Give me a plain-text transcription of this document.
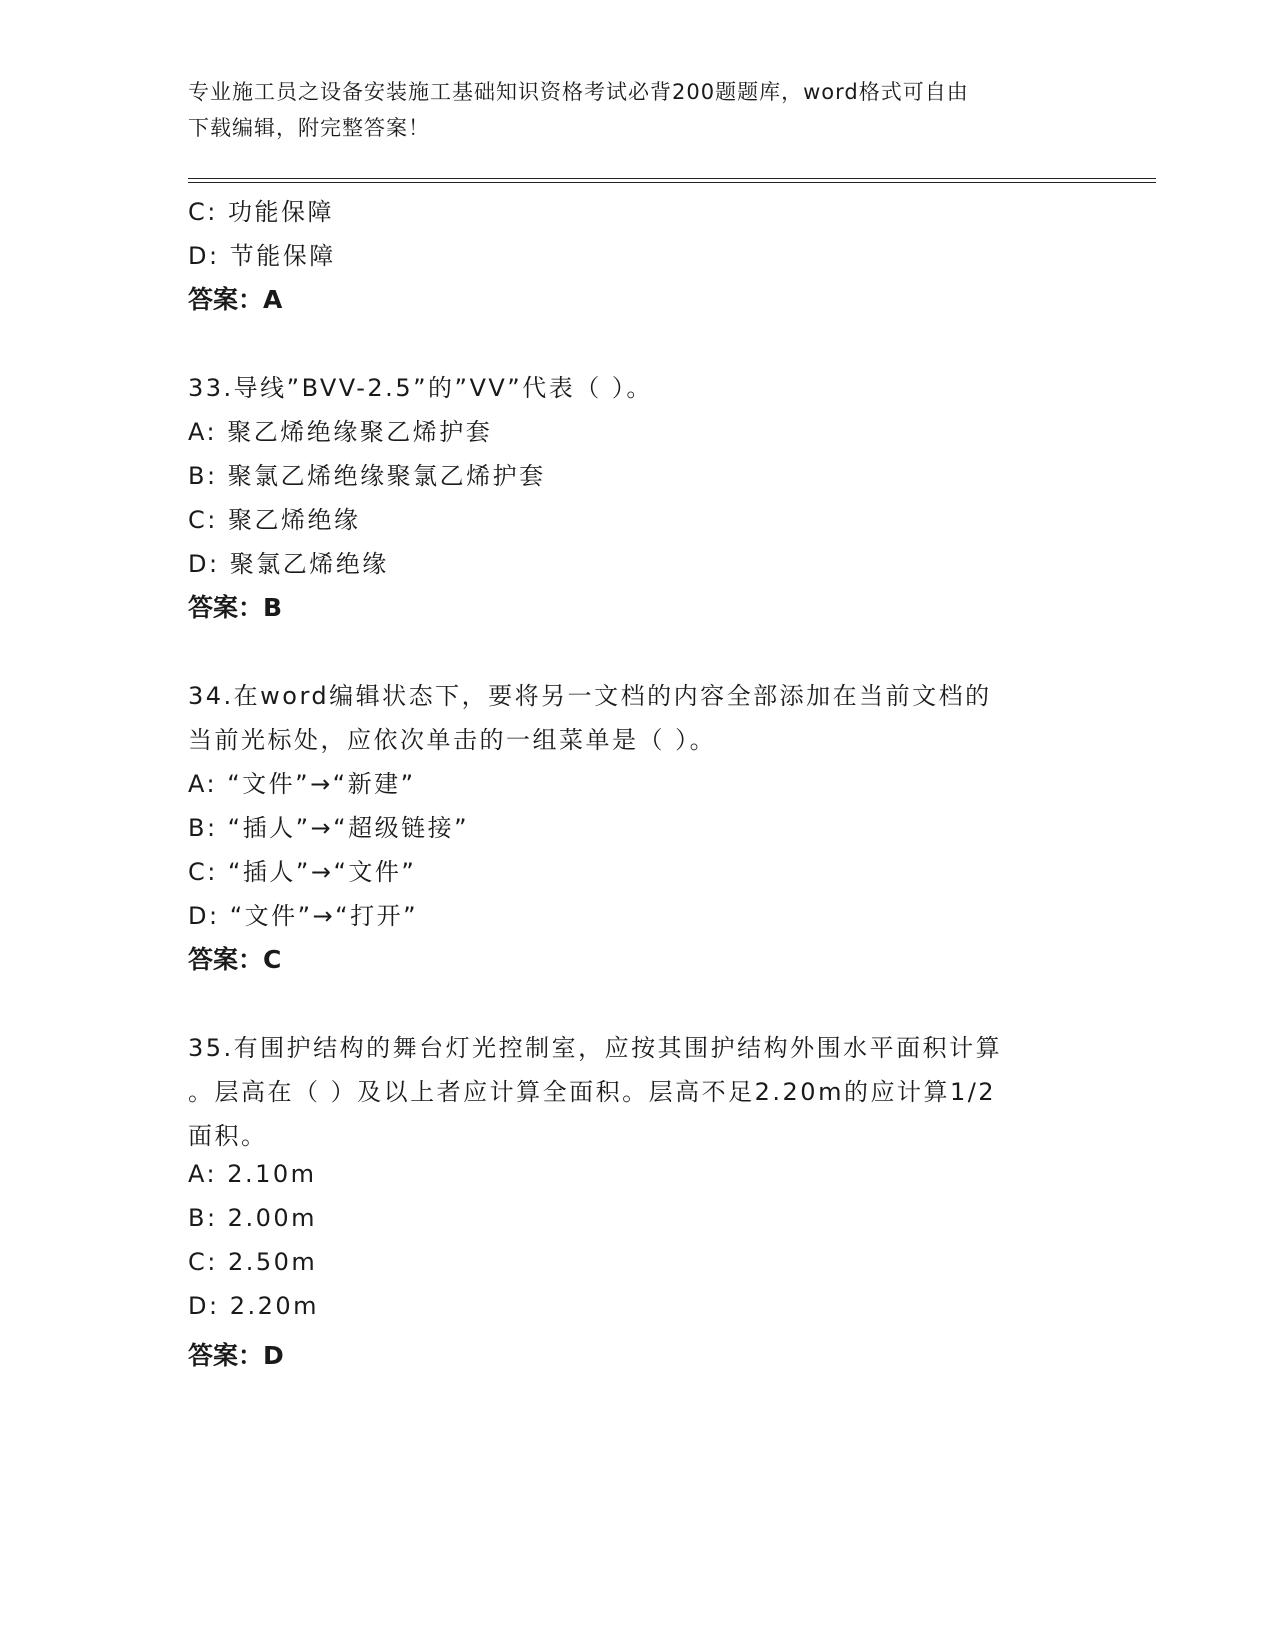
专业施工员之设备安装施工基础知识资格考试必背200题题库，word格式可自由
下载编辑，附完整答案！
C: 功能保障
D: 节能保障
答案：A
33.导线”BVV-2.5”的”VV”代表（ ）。
A: 聚乙烯绝缘聚乙烯护套
B: 聚氯乙烯绝缘聚氯乙烯护套
C: 聚乙烯绝缘
D: 聚氯乙烯绝缘
答案：B
34.在word编辑状态下，要将另一文档的内容全部添加在当前文档的
当前光标处，应依次单击的一组菜单是（ ）。
A: “文件”→“新建”
B: “插人”→“超级链接”
C: “插人”→“文件”
D: “文件”→“打开”
答案：C
35.有围护结构的舞台灯光控制室，应按其围护结构外围水平面积计算
。层高在（ ）及以上者应计算全面积。层高不足2.20m的应计算1/2
面积。
A: 2.10m
B: 2.00m
C: 2.50m
D: 2.20m
答案：D
